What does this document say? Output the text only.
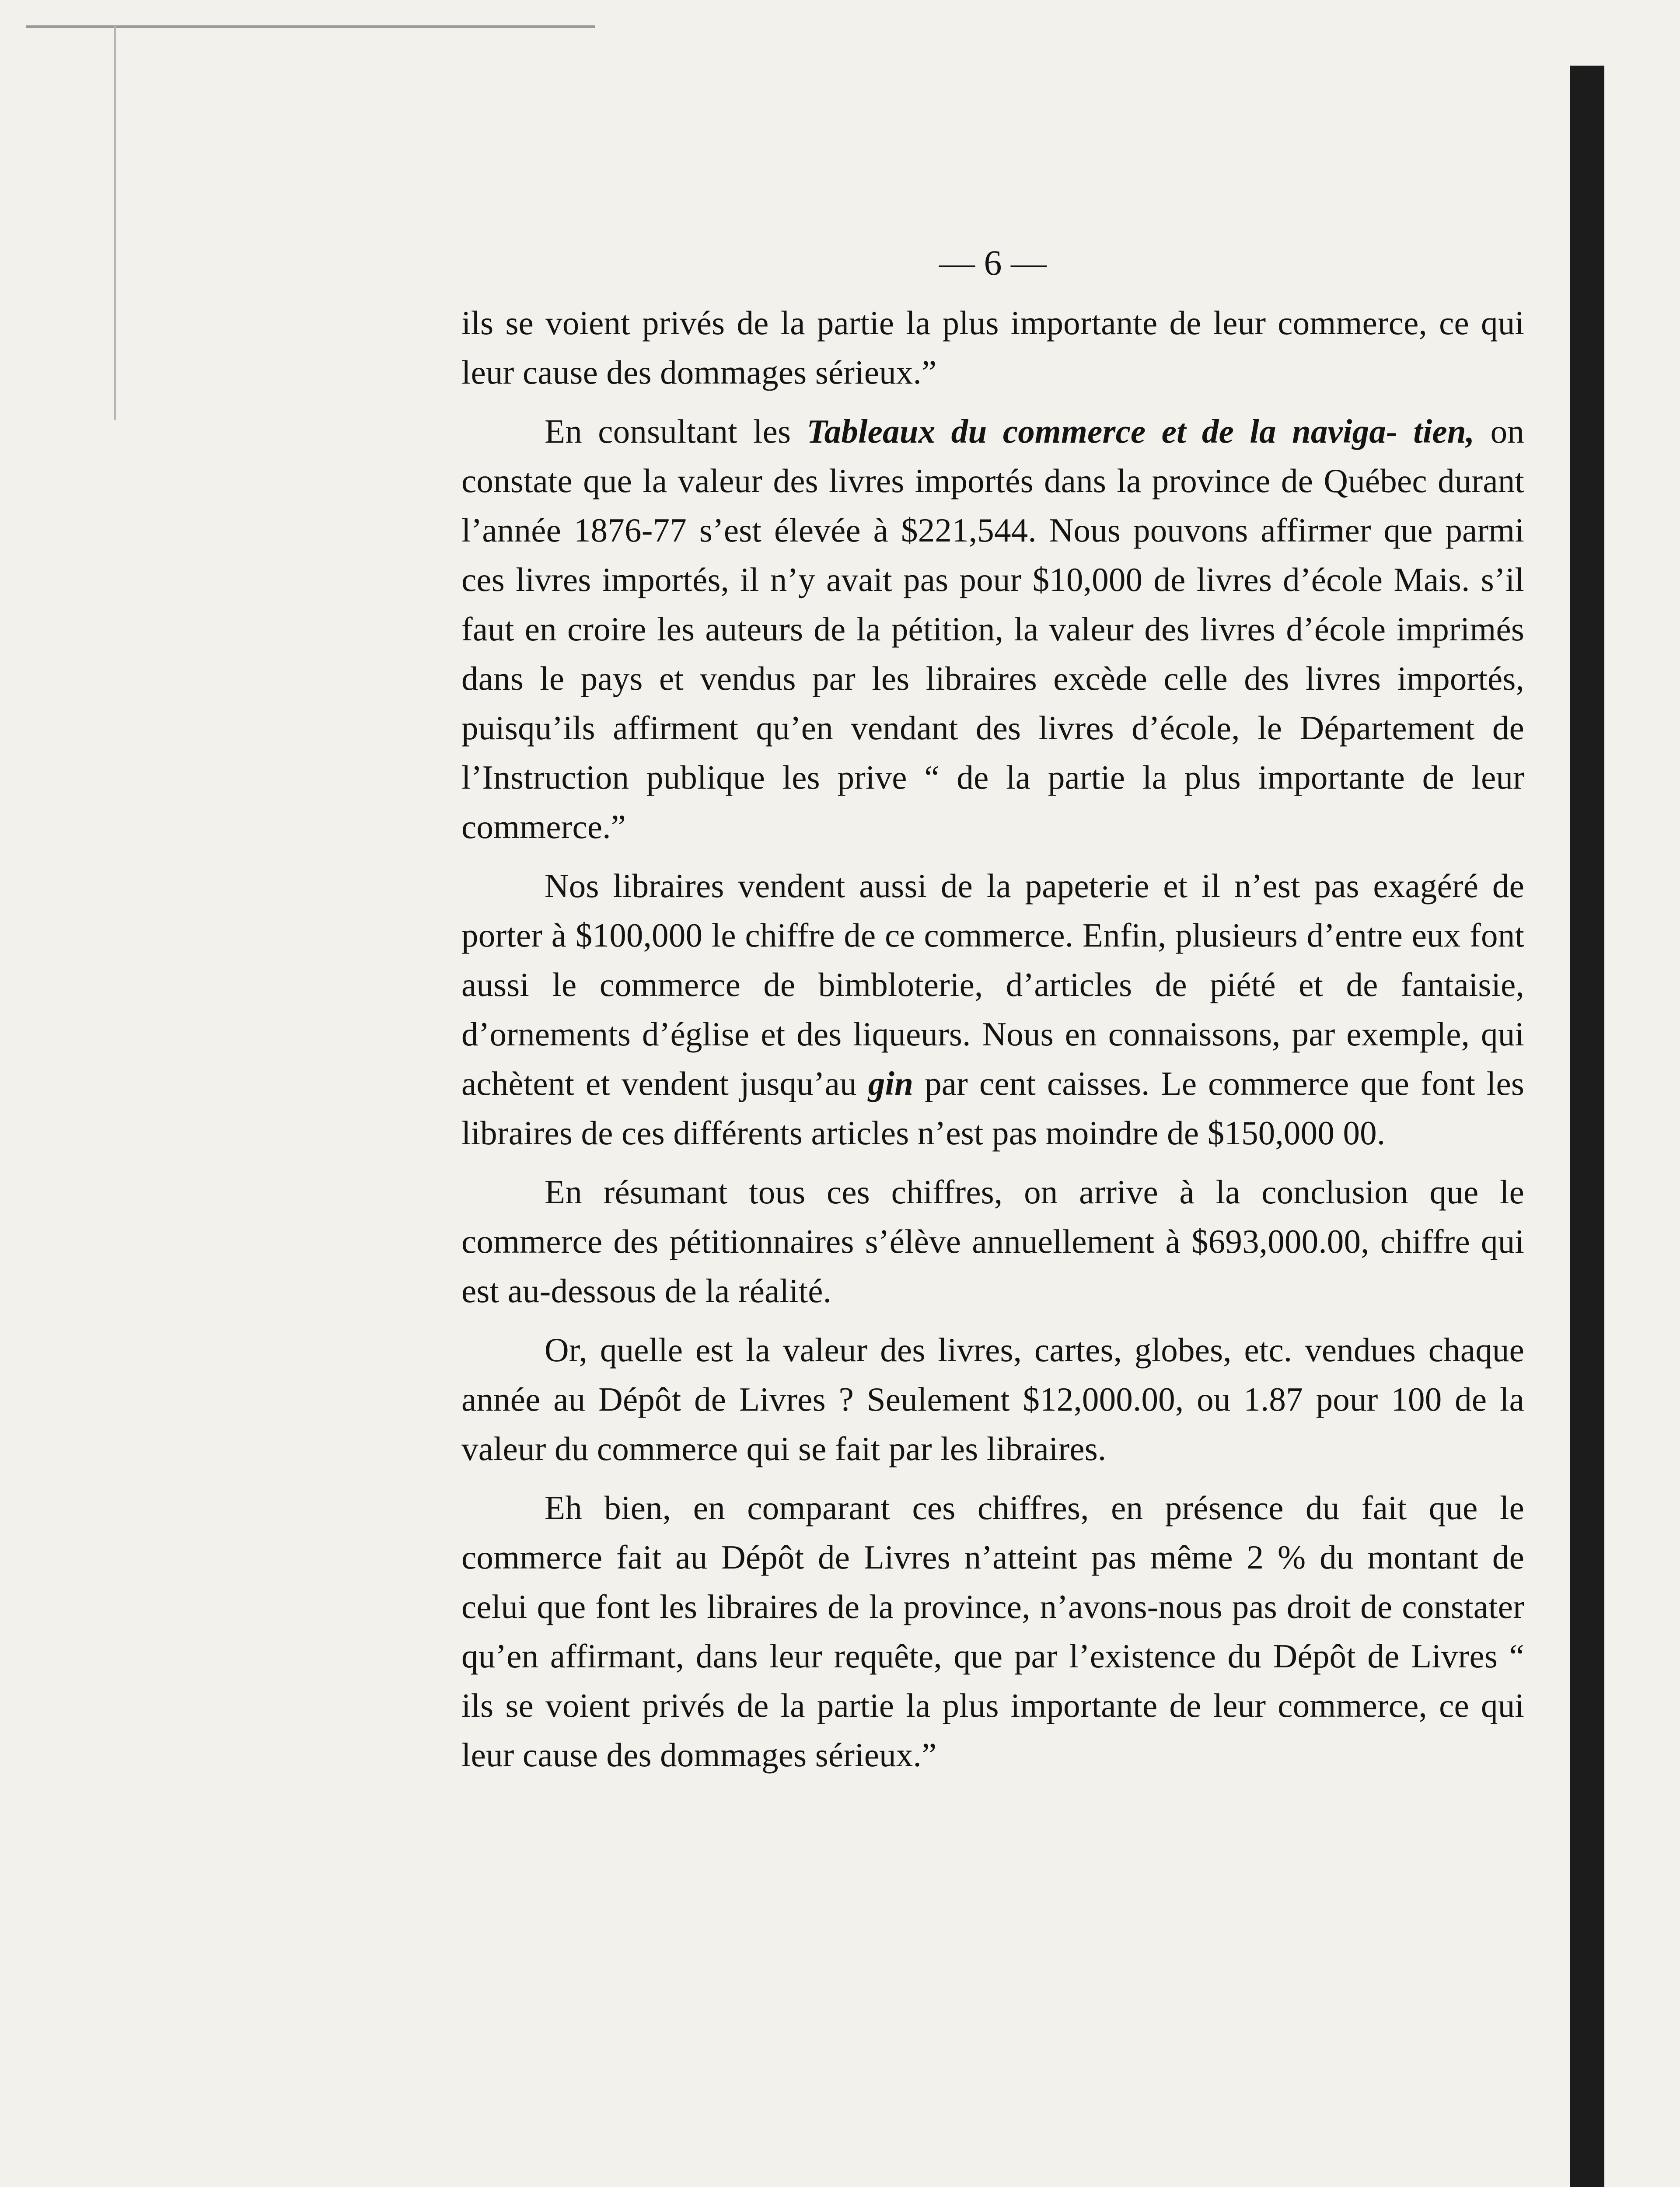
— 6 —

ils se voient privés de la partie la plus importante de leur commerce, ce qui leur cause des dommages sérieux.”

En consultant les Tableaux du commerce et de la naviga- tien, on constate que la valeur des livres importés dans la province de Québec durant l’année 1876-77 s’est élevée à $221,544. Nous pouvons affirmer que parmi ces livres importés, il n’y avait pas pour $10,000 de livres d’école Mais. s’il faut en croire les auteurs de la pétition, la valeur des livres d’école imprimés dans le pays et vendus par les libraires excède celle des livres importés, puisqu’ils affirment qu’en vendant des livres d’école, le Département de l’Instruction publique les prive “ de la partie la plus importante de leur commerce.”

Nos libraires vendent aussi de la papeterie et il n’est pas exagéré de porter à $100,000 le chiffre de ce commerce. Enfin, plusieurs d’entre eux font aussi le commerce de bimbloterie, d’articles de piété et de fantaisie, d’ornements d’église et des liqueurs. Nous en connaissons, par exemple, qui achètent et vendent jusqu’au gin par cent caisses. Le commerce que font les libraires de ces différents articles n’est pas moindre de $150,000 00.

En résumant tous ces chiffres, on arrive à la conclusion que le commerce des pétitionnaires s’élève annuellement à $693,000.00, chiffre qui est au-dessous de la réalité.

Or, quelle est la valeur des livres, cartes, globes, etc. vendues chaque année au Dépôt de Livres ? Seulement $12,000.00, ou 1.87 pour 100 de la valeur du commerce qui se fait par les libraires.

Eh bien, en comparant ces chiffres, en présence du fait que le commerce fait au Dépôt de Livres n’atteint pas même 2 % du montant de celui que font les libraires de la province, n’avons-nous pas droit de constater qu’en affirmant, dans leur requête, que par l’existence du Dépôt de Livres “ ils se voient privés de la partie la plus importante de leur commerce, ce qui leur cause des dommages sérieux.”
